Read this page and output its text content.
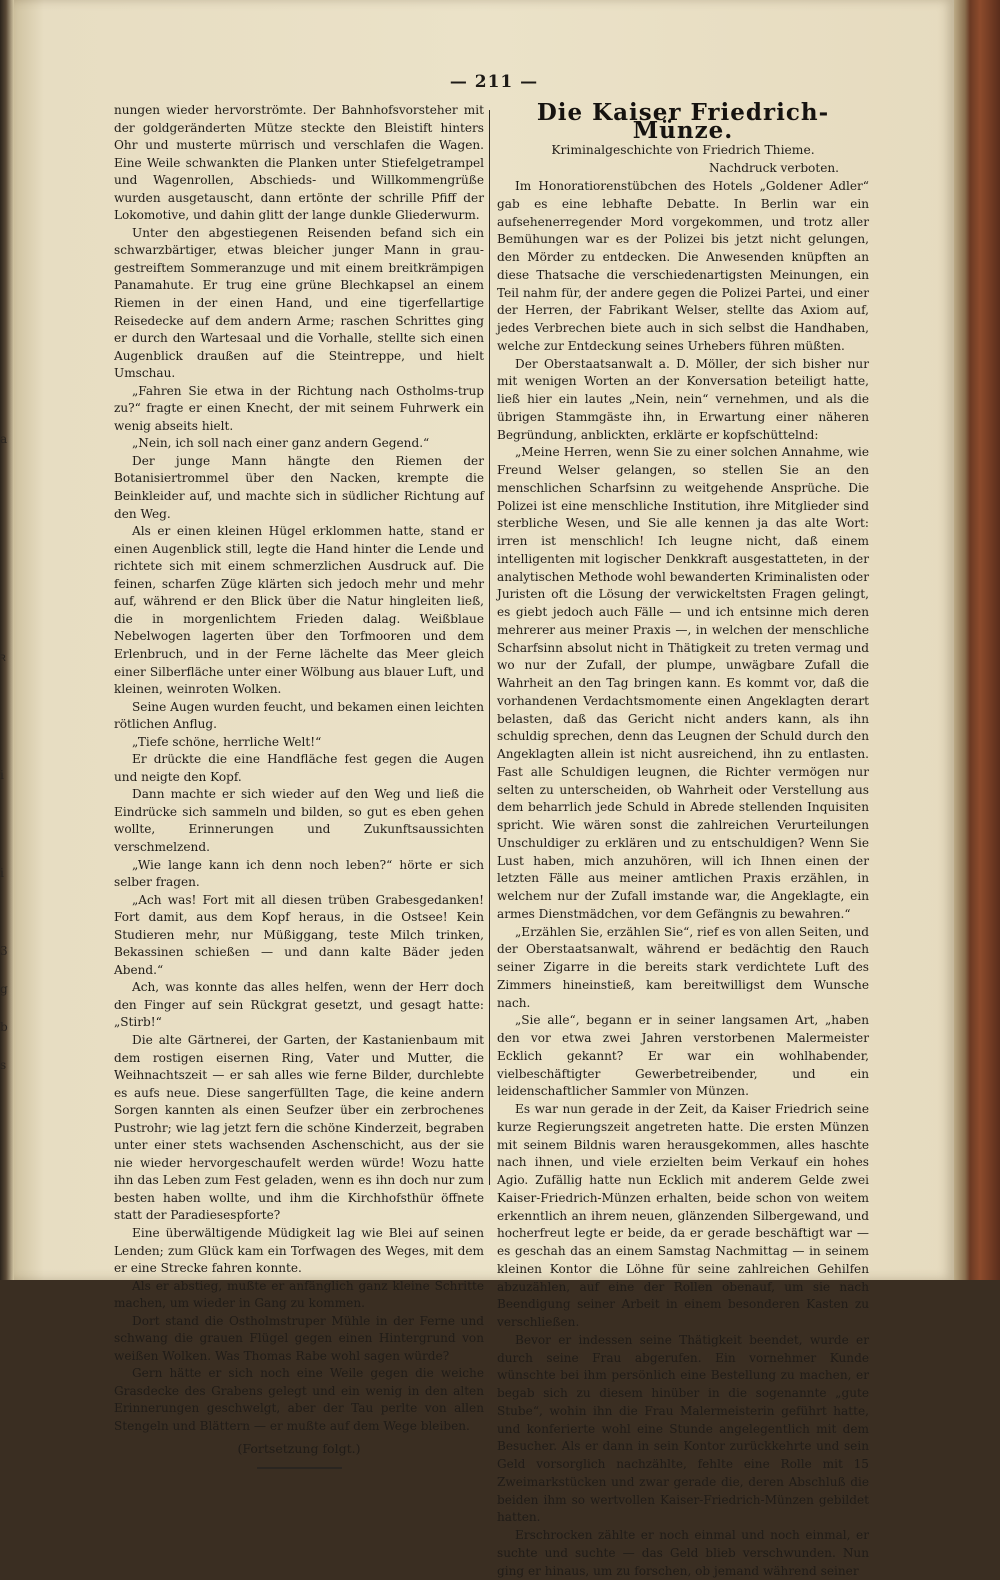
— 211 —

nungen wieder hervorströmte. Der Bahnhofsvorsteher mit der goldgeränderten Mütze steckte den Bleistift hinters Ohr und musterte mürrisch und verschlafen die Wagen. Eine Weile schwankten die Planken unter Stiefelgetrampel und Wagenrollen, Abschieds- und Willkommengrüße wurden ausgetauscht, dann ertönte der schrille Pfiff der Lokomotive, und dahin glitt der lange dunkle Gliederwurm.

Unter den abgestiegenen Reisenden befand sich ein schwarzbärtiger, etwas bleicher junger Mann in grau-gestreiftem Sommeranzuge und mit einem breitkrämpigen Panamahute. Er trug eine grüne Blechkapsel an einem Riemen in der einen Hand, und eine tigerfellartige Reisedecke auf dem andern Arme; raschen Schrittes ging er durch den Wartesaal und die Vorhalle, stellte sich einen Augenblick draußen auf die Steintreppe, und hielt Umschau.

„Fahren Sie etwa in der Richtung nach Ostholms-trup zu?“ fragte er einen Knecht, der mit seinem Fuhrwerk ein wenig abseits hielt.

„Nein, ich soll nach einer ganz andern Gegend.“

Der junge Mann hängte den Riemen der Botanisiertrommel über den Nacken, krempte die Beinkleider auf, und machte sich in südlicher Richtung auf den Weg.

Als er einen kleinen Hügel erklommen hatte, stand er einen Augenblick still, legte die Hand hinter die Lende und richtete sich mit einem schmerzlichen Ausdruck auf. Die feinen, scharfen Züge klärten sich jedoch mehr und mehr auf, während er den Blick über die Natur hingleiten ließ, die in morgenlichtem Frieden dalag. Weißblaue Nebelwogen lagerten über den Torfmooren und dem Erlenbruch, und in der Ferne lächelte das Meer gleich einer Silberfläche unter einer Wölbung aus blauer Luft, und kleinen, weinroten Wolken.

Seine Augen wurden feucht, und bekamen einen leichten rötlichen Anflug.

„Tiefe schöne, herrliche Welt!“

Er drückte die eine Handfläche fest gegen die Augen und neigte den Kopf.

Dann machte er sich wieder auf den Weg und ließ die Eindrücke sich sammeln und bilden, so gut es eben gehen wollte, Erinnerungen und Zukunftsaussichten verschmelzend.

„Wie lange kann ich denn noch leben?“ hörte er sich selber fragen.

„Ach was! Fort mit all diesen trüben Grabesgedanken! Fort damit, aus dem Kopf heraus, in die Ostsee! Kein Studieren mehr, nur Müßiggang, teste Milch trinken, Bekassinen schießen — und dann kalte Bäder jeden Abend.“

Ach, was konnte das alles helfen, wenn der Herr doch den Finger auf sein Rückgrat gesetzt, und gesagt hatte: „Stirb!“

Die alte Gärtnerei, der Garten, der Kastanienbaum mit dem rostigen eisernen Ring, Vater und Mutter, die Weihnachtszeit — er sah alles wie ferne Bilder, durchlebte es aufs neue. Diese sangerfüllten Tage, die keine andern Sorgen kannten als einen Seufzer über ein zerbrochenes Pustrohr; wie lag jetzt fern die schöne Kinderzeit, begraben unter einer stets wachsenden Aschenschicht, aus der sie nie wieder hervorgeschaufelt werden würde! Wozu hatte ihn das Leben zum Fest geladen, wenn es ihn doch nur zum besten haben wollte, und ihm die Kirchhofsthür öffnete statt der Paradiesespforte?

Eine überwältigende Müdigkeit lag wie Blei auf seinen Lenden; zum Glück kam ein Torfwagen des Weges, mit dem er eine Strecke fahren konnte.

Als er abstieg, mußte er anfänglich ganz kleine Schritte machen, um wieder in Gang zu kommen.

Dort stand die Ostholmstruper Mühle in der Ferne und schwang die grauen Flügel gegen einen Hintergrund von weißen Wolken. Was Thomas Rabe wohl sagen würde?

Gern hätte er sich noch eine Weile gegen die weiche Grasdecke des Grabens gelegt und ein wenig in den alten Erinnerungen geschwelgt, aber der Tau perlte von allen Stengeln und Blättern — er mußte auf dem Wege bleiben.

(Fortsetzung folgt.)

Die Kaiser Friedrich-Münze.
Kriminalgeschichte von Friedrich Thieme.
Nachdruck verboten.

Im Honoratiorenstübchen des Hotels „Goldener Adler“ gab es eine lebhafte Debatte. In Berlin war ein aufsehenerregender Mord vorgekommen, und trotz aller Bemühungen war es der Polizei bis jetzt nicht gelungen, den Mörder zu entdecken. Die Anwesenden knüpften an diese Thatsache die verschiedenartigsten Meinungen, ein Teil nahm für, der andere gegen die Polizei Partei, und einer der Herren, der Fabrikant Welser, stellte das Axiom auf, jedes Verbrechen biete auch in sich selbst die Handhaben, welche zur Entdeckung seines Urhebers führen müßten.

Der Oberstaatsanwalt a. D. Möller, der sich bisher nur mit wenigen Worten an der Konversation beteiligt hatte, ließ hier ein lautes „Nein, nein“ vernehmen, und als die übrigen Stammgäste ihn, in Erwartung einer näheren Begründung, anblickten, erklärte er kopfschüttelnd:

„Meine Herren, wenn Sie zu einer solchen Annahme, wie Freund Welser gelangen, so stellen Sie an den menschlichen Scharfsinn zu weitgehende Ansprüche. Die Polizei ist eine menschliche Institution, ihre Mitglieder sind sterbliche Wesen, und Sie alle kennen ja das alte Wort: irren ist menschlich! Ich leugne nicht, daß einem intelligenten mit logischer Denkkraft ausgestatteten, in der analytischen Methode wohl bewanderten Kriminalisten oder Juristen oft die Lösung der verwickeltsten Fragen gelingt, es giebt jedoch auch Fälle — und ich entsinne mich deren mehrerer aus meiner Praxis —, in welchen der menschliche Scharfsinn absolut nicht in Thätigkeit zu treten vermag und wo nur der Zufall, der plumpe, unwägbare Zufall die Wahrheit an den Tag bringen kann. Es kommt vor, daß die vorhandenen Verdachtsmomente einen Angeklagten derart belasten, daß das Gericht nicht anders kann, als ihn schuldig sprechen, denn das Leugnen der Schuld durch den Angeklagten allein ist nicht ausreichend, ihn zu entlasten. Fast alle Schuldigen leugnen, die Richter vermögen nur selten zu unterscheiden, ob Wahrheit oder Verstellung aus dem beharrlich jede Schuld in Abrede stellenden Inquisiten spricht. Wie wären sonst die zahlreichen Verurteilungen Unschuldiger zu erklären und zu entschuldigen? Wenn Sie Lust haben, mich anzuhören, will ich Ihnen einen der letzten Fälle aus meiner amtlichen Praxis erzählen, in welchem nur der Zufall imstande war, die Angeklagte, ein armes Dienstmädchen, vor dem Gefängnis zu bewahren.“

„Erzählen Sie, erzählen Sie“, rief es von allen Seiten, und der Oberstaatsanwalt, während er bedächtig den Rauch seiner Zigarre in die bereits stark verdichtete Luft des Zimmers hineinstieß, kam bereitwilligst dem Wunsche nach.

„Sie alle“, begann er in seiner langsamen Art, „haben den vor etwa zwei Jahren verstorbenen Malermeister Ecklich gekannt? Er war ein wohlhabender, vielbeschäftigter Gewerbetreibender, und ein leidenschaftlicher Sammler von Münzen.

Es war nun gerade in der Zeit, da Kaiser Friedrich seine kurze Regierungszeit angetreten hatte. Die ersten Münzen mit seinem Bildnis waren herausgekommen, alles haschte nach ihnen, und viele erzielten beim Verkauf ein hohes Agio. Zufällig hatte nun Ecklich mit anderem Gelde zwei Kaiser-Friedrich-Münzen erhalten, beide schon von weitem erkenntlich an ihrem neuen, glänzenden Silbergewand, und hocherfreut legte er beide, da er gerade beschäftigt war — es geschah das an einem Samstag Nachmittag — in seinem kleinen Kontor die Löhne für seine zahlreichen Gehilfen abzuzählen, auf eine der Rollen obenauf, um sie nach Beendigung seiner Arbeit in einem besonderen Kasten zu verschließen.

Bevor er indessen seine Thätigkeit beendet, wurde er durch seine Frau abgerufen. Ein vornehmer Kunde wünschte bei ihm persönlich eine Bestellung zu machen, er begab sich zu diesem hinüber in die sogenannte „gute Stube“, wohin ihn die Frau Malermeisterin geführt hatte, und konferierte wohl eine Stunde angelegentlich mit dem Besucher. Als er dann in sein Kontor zurückkehrte und sein Geld vorsorglich nachzählte, fehlte eine Rolle mit 15 Zweimarkstücken und zwar gerade die, deren Abschluß die beiden ihm so wertvollen Kaiser-Friedrich-Münzen gebildet hatten.

Erschrocken zählte er noch einmal und noch einmal, er suchte und suchte — das Geld blieb verschwunden. Nun ging er hinaus, um zu forschen, ob jemand während seiner

a
ꝛ
i
i
3
g
b
s
